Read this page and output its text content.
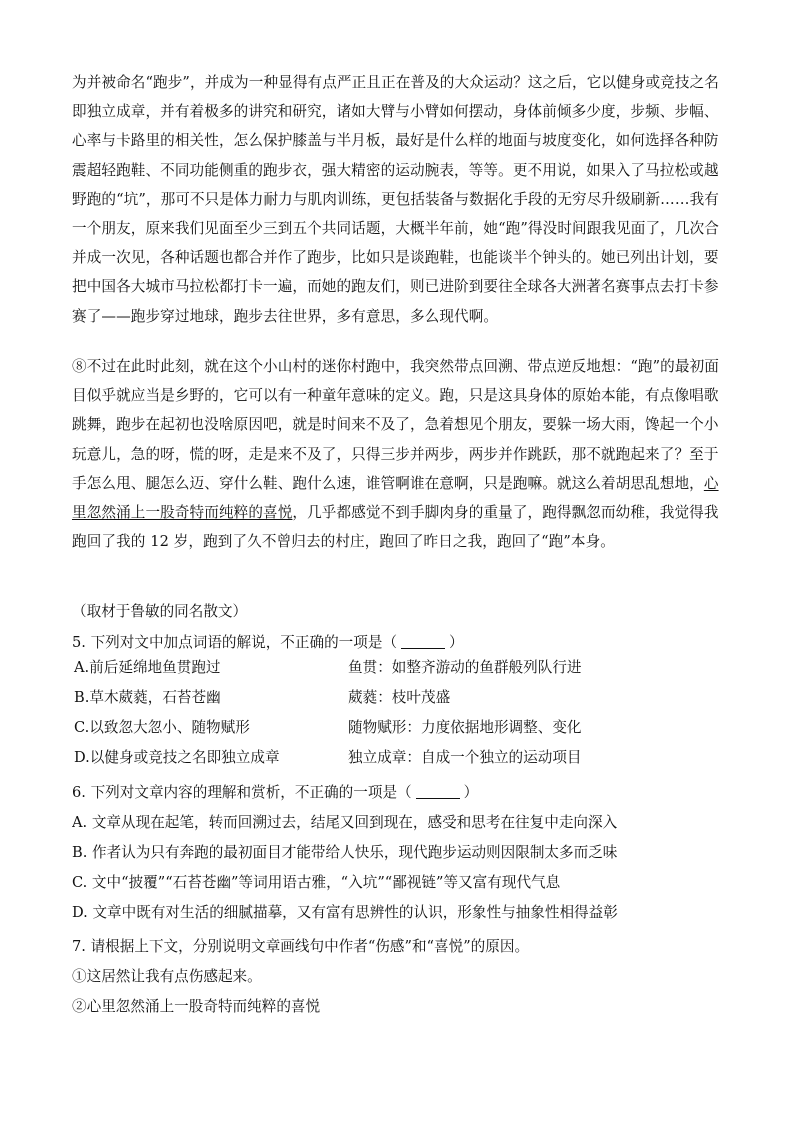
为并被命名“跑步”，并成为一种显得有点严正且正在普及的大众运动？这之后，它以健身或竞技之名即独立成章，并有着极多的讲究和研究，诸如大臂与小臂如何摆动，身体前倾多少度，步频、步幅、心率与卡路里的相关性，怎么保护膝盖与半月板，最好是什么样的地面与坡度变化，如何选择各种防震超轻跑鞋、不同功能侧重的跑步衣，强大精密的运动腕表，等等。更不用说，如果入了马拉松或越野跑的“坑”，那可不只是体力耐力与肌肉训练，更包括装备与数据化手段的无穷尽升级刷新……我有一个朋友，原来我们见面至少三到五个共同话题，大概半年前，她“跑”得没时间跟我见面了，几次合并成一次见，各种话题也都合并作了跑步，比如只是谈跑鞋，也能谈半个钟头的。她已列出计划，要把中国各大城市马拉松都打卡一遍，而她的跑友们，则已进阶到要往全球各大洲著名赛事点去打卡参赛了——跑步穿过地球，跑步去往世界，多有意思，多么现代啊。

⑧不过在此时此刻，就在这个小山村的迷你村跑中，我突然带点回溯、带点逆反地想：“跑”的最初面目似乎就应当是乡野的，它可以有一种童年意味的定义。跑，只是这具身体的原始本能，有点像唱歌跳舞，跑步在起初也没啥原因吧，就是时间来不及了，急着想见个朋友，要躲一场大雨，馋起一个小玩意儿，急的呀，慌的呀，走是来不及了，只得三步并两步，两步并作跳跃，那不就跑起来了？至于手怎么甩、腿怎么迈、穿什么鞋、跑什么速，谁管啊谁在意啊，只是跑嘛。就这么着胡思乱想地，心里忽然涌上一股奇特而纯粹的喜悦，几乎都感觉不到手脚肉身的重量了，跑得飘忽而幼稚，我觉得我跑回了我的 12 岁，跑到了久不曾归去的村庄，跑回了昨日之我，跑回了“跑”本身。

（取材于鲁敏的同名散文）
5. 下列对文中加点词语的解说，不正确的一项是（	）
A.前后延绵地鱼贯跑过	鱼贯：如整齐游动的鱼群般列队行进
B.草木葳蕤，石苔苍幽	葳蕤：枝叶茂盛
C.以致忽大忽小、随物赋形	随物赋形：力度依据地形调整、变化
D.以健身或竞技之名即独立成章	独立成章：自成一个独立的运动项目
6. 下列对文章内容的理解和赏析，不正确的一项是（	）
A. 文章从现在起笔，转而回溯过去，结尾又回到现在，感受和思考在往复中走向深入
B. 作者认为只有奔跑的最初面目才能带给人快乐，现代跑步运动则因限制太多而乏味
C. 文中“披覆”“石苔苍幽”等词用语古雅，“入坑”“鄙视链”等又富有现代气息
D. 文章中既有对生活的细腻描摹，又有富有思辨性的认识，形象性与抽象性相得益彰
7. 请根据上下文，分别说明文章画线句中作者“伤感”和“喜悦”的原因。
①这居然让我有点伤感起来。
②心里忽然涌上一股奇特而纯粹的喜悦
